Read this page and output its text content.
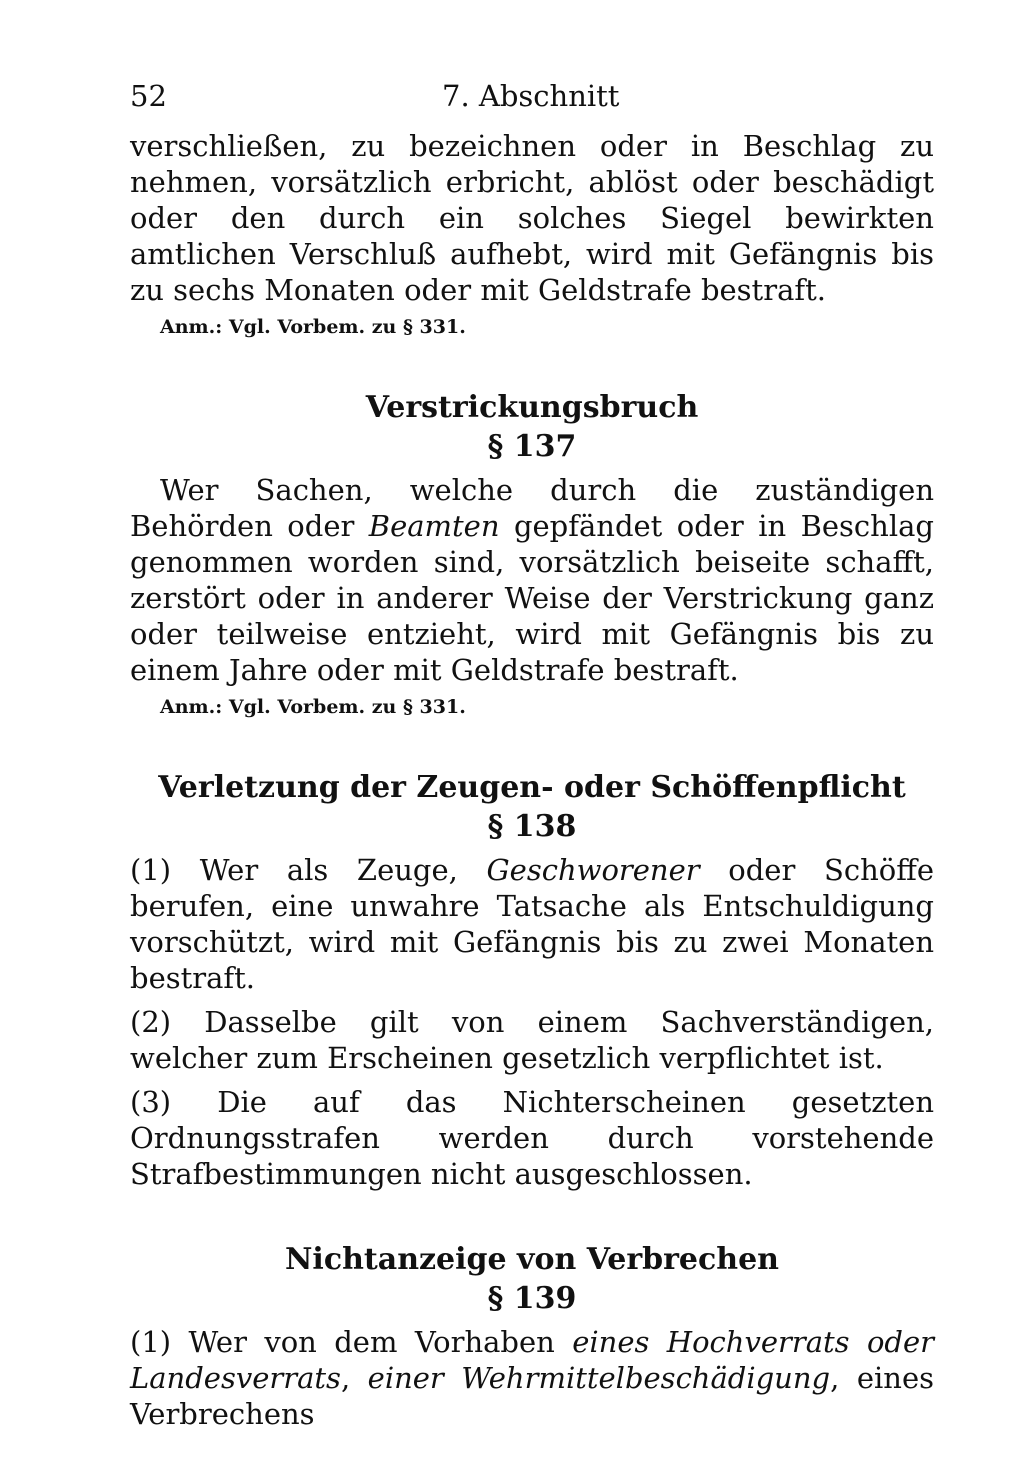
52	7. Abschnitt

verschließen, zu bezeichnen oder in Beschlag zu nehmen, vorsätzlich erbricht, ablöst oder beschädigt oder den durch ein solches Siegel bewirkten amtlichen Verschluß aufhebt, wird mit Gefängnis bis zu sechs Monaten oder mit Geldstrafe bestraft.

Anm.: Vgl. Vorbem. zu § 331.
Verstrickungsbruch
§ 137

Wer Sachen, welche durch die zuständigen Behörden oder Beamten gepfändet oder in Beschlag genommen worden sind, vorsätzlich beiseite schafft, zerstört oder in anderer Weise der Verstrickung ganz oder teilweise entzieht, wird mit Gefängnis bis zu einem Jahre oder mit Geldstrafe bestraft.

Anm.: Vgl. Vorbem. zu § 331.
Verletzung der Zeugen- oder Schöffenpflicht
§ 138

(1) Wer als Zeuge, Geschworener oder Schöffe berufen, eine unwahre Tatsache als Entschuldigung vorschützt, wird mit Gefängnis bis zu zwei Monaten bestraft.

(2) Dasselbe gilt von einem Sachverständigen, welcher zum Erscheinen gesetzlich verpflichtet ist.

(3) Die auf das Nichterscheinen gesetzten Ordnungsstrafen werden durch vorstehende Strafbestimmungen nicht ausgeschlossen.

Nichtanzeige von Verbrechen
§ 139

(1) Wer von dem Vorhaben eines Hochverrats oder Landesverrats, einer Wehrmittelbeschädigung, eines Verbrechens
